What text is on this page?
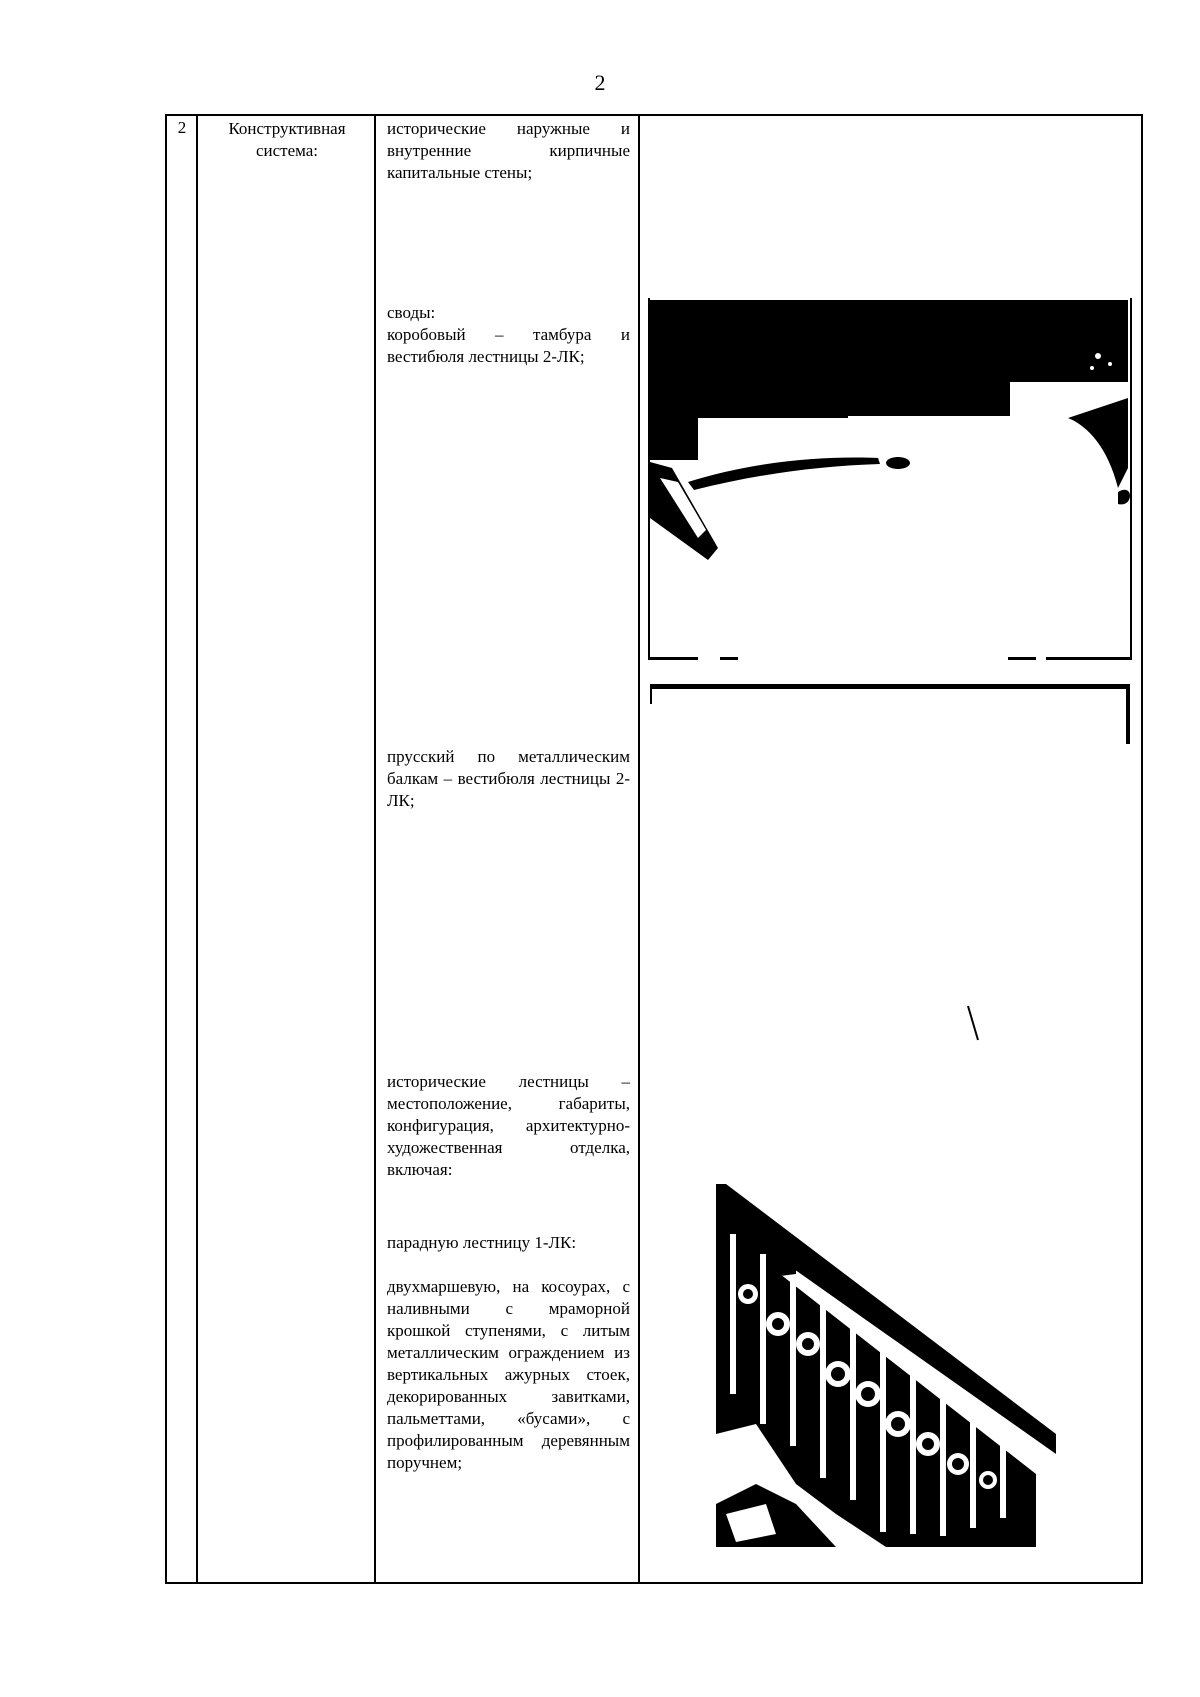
2
2	Конструктивная система:
исторические наружные и внутренние кирпичные капитальные стены;
своды:
коробовый – тамбура и вестибюля лестницы 2-ЛК;
прусский по металлическим балкам – вестибюля лестницы 2-ЛК;
исторические лестницы – местоположение, габариты, конфигурация, архитектурно-художественная отделка, включая:
парадную лестницу 1-ЛК:
двухмаршевую, на косоурах, с наливными с мраморной крошкой ступенями, с литым металлическим ограждением из вертикальных ажурных стоек, декорированных завитками, пальметтами, «бусами», с профилированным деревянным поручнем;
